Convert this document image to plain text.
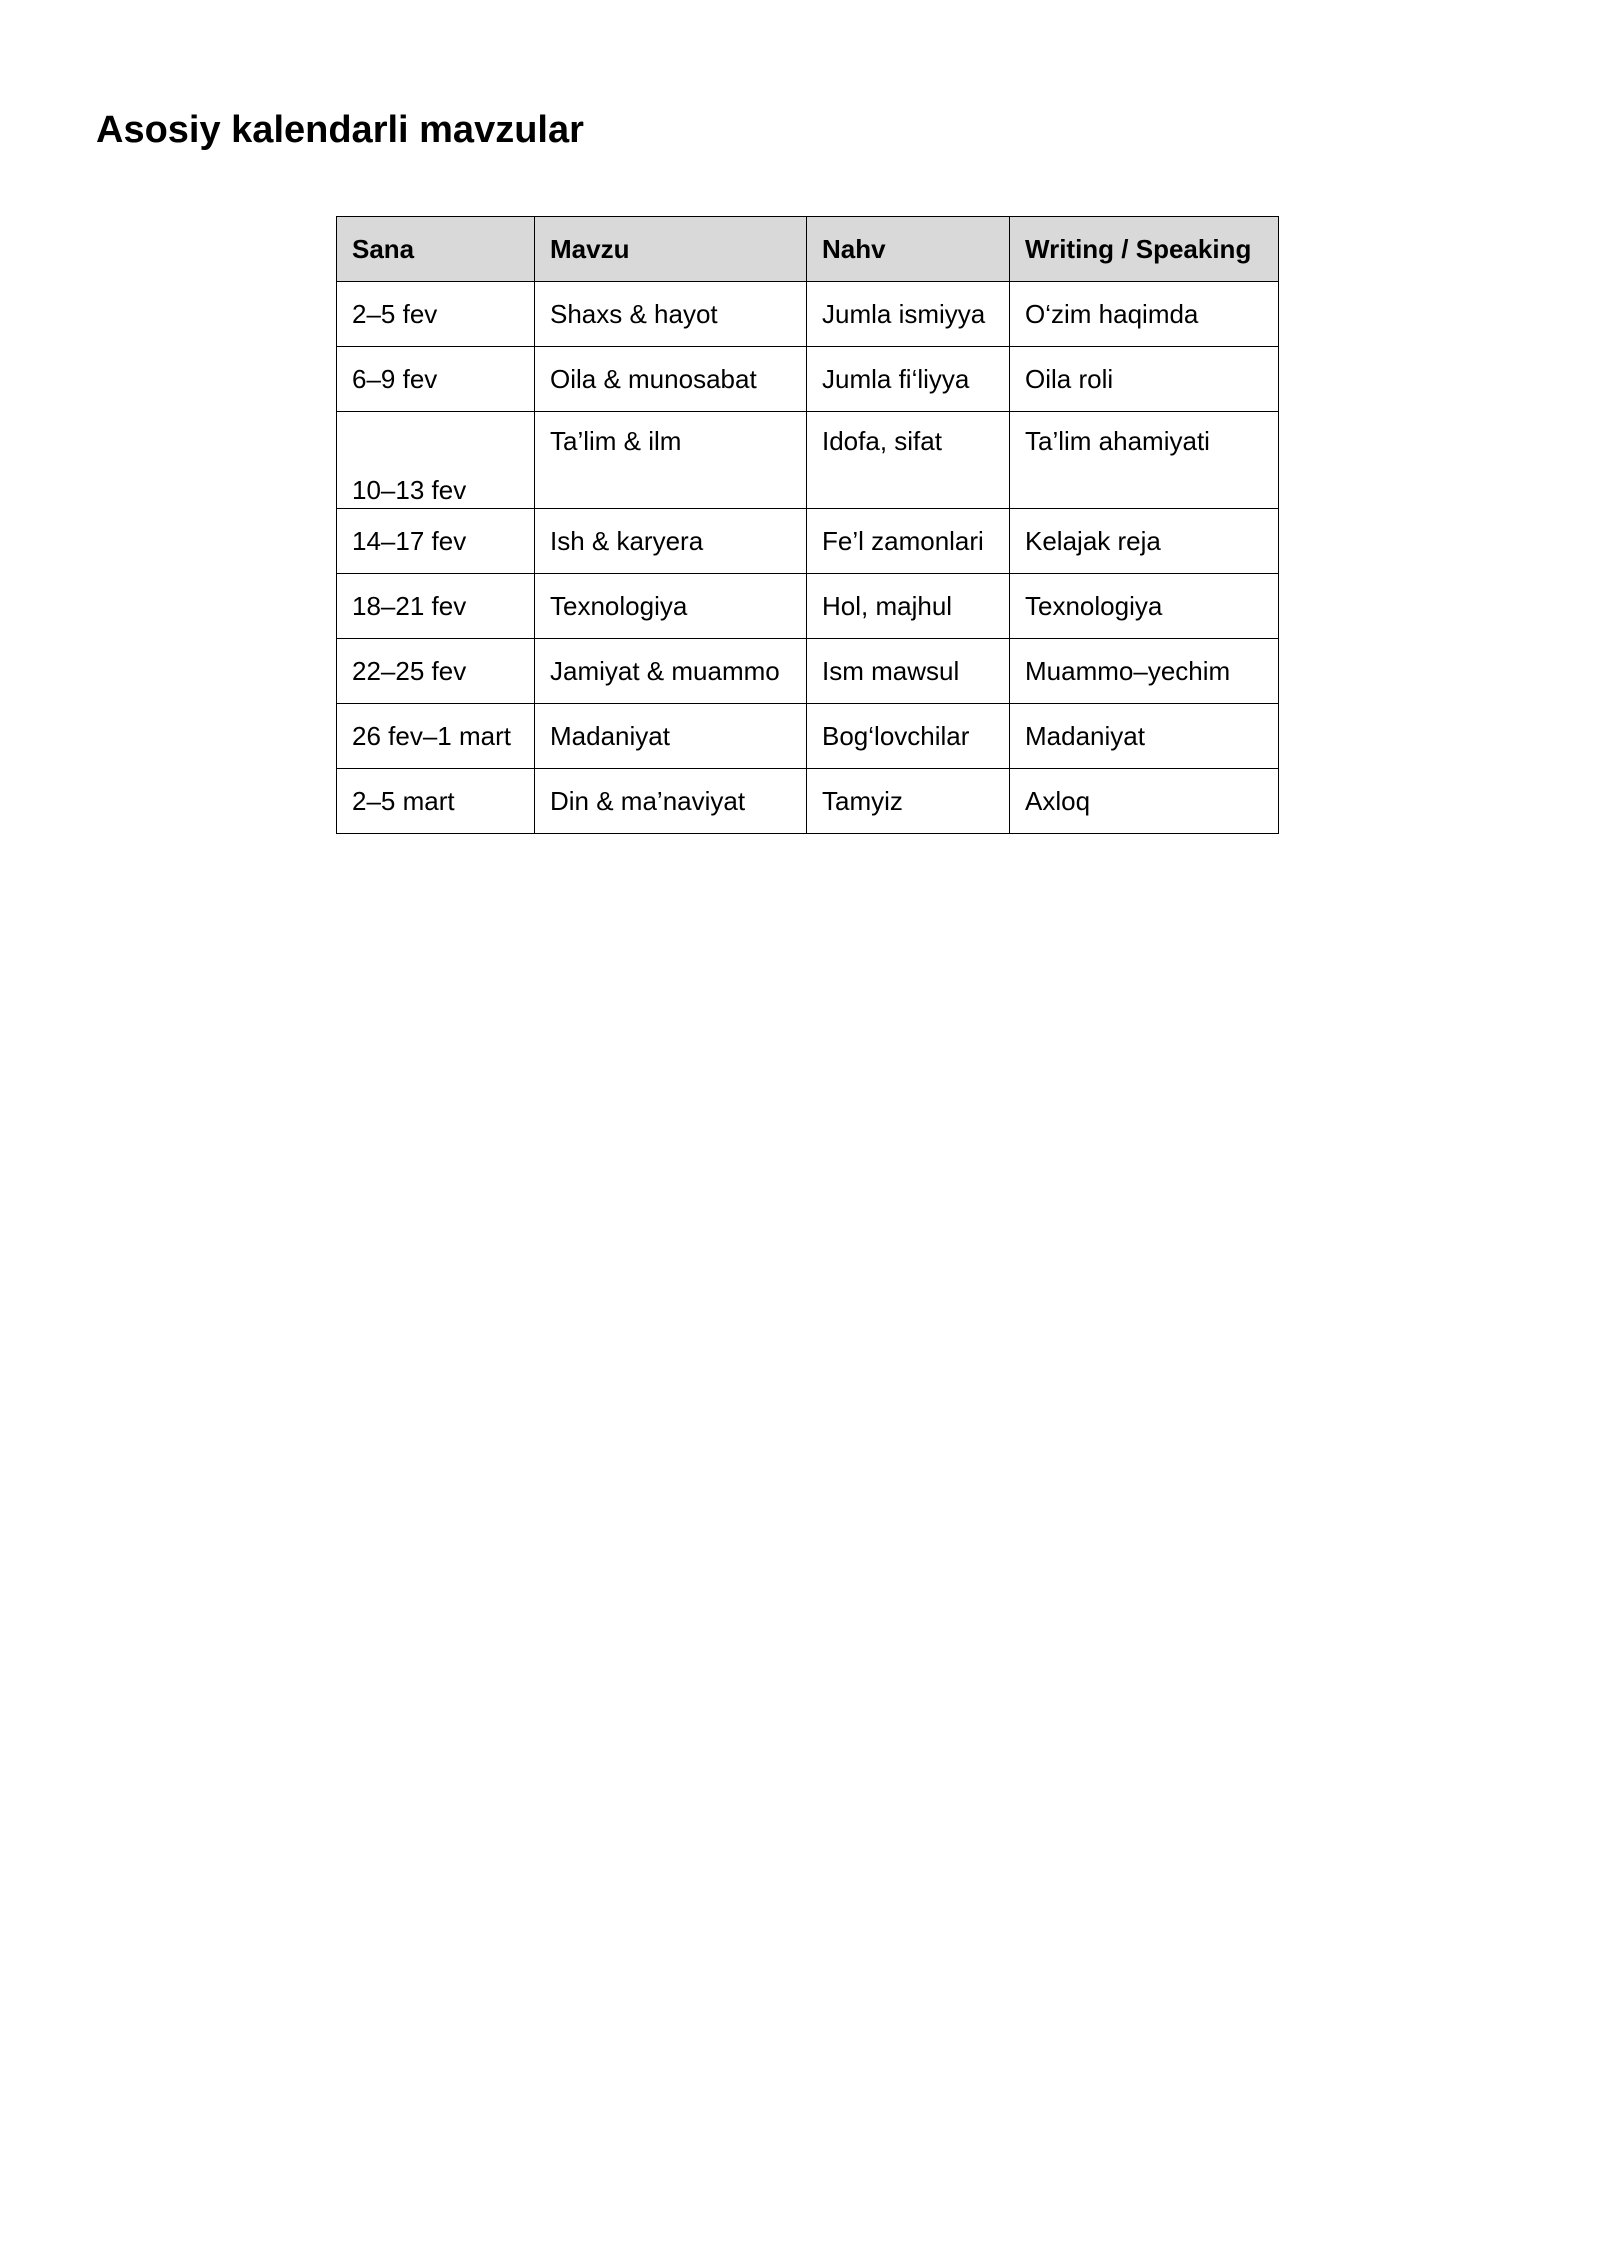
Asosiy kalendarli mavzular
Sana	Mavzu	Nahv	Writing / Speaking
2–5 fev	Shaxs & hayot	Jumla ismiyya	O‘zim haqimda
6–9 fev	Oila & munosabat	Jumla fi‘liyya	Oila roli
10–13 fev	Ta’lim & ilm	Idofa, sifat	Ta’lim ahamiyati
14–17 fev	Ish & karyera	Fe’l zamonlari	Kelajak reja
18–21 fev	Texnologiya	Hol, majhul	Texnologiya
22–25 fev	Jamiyat & muammo	Ism mawsul	Muammo–yechim
26 fev–1 mart	Madaniyat	Bog‘lovchilar	Madaniyat
2–5 mart	Din & ma’naviyat	Tamyiz	Axloq
